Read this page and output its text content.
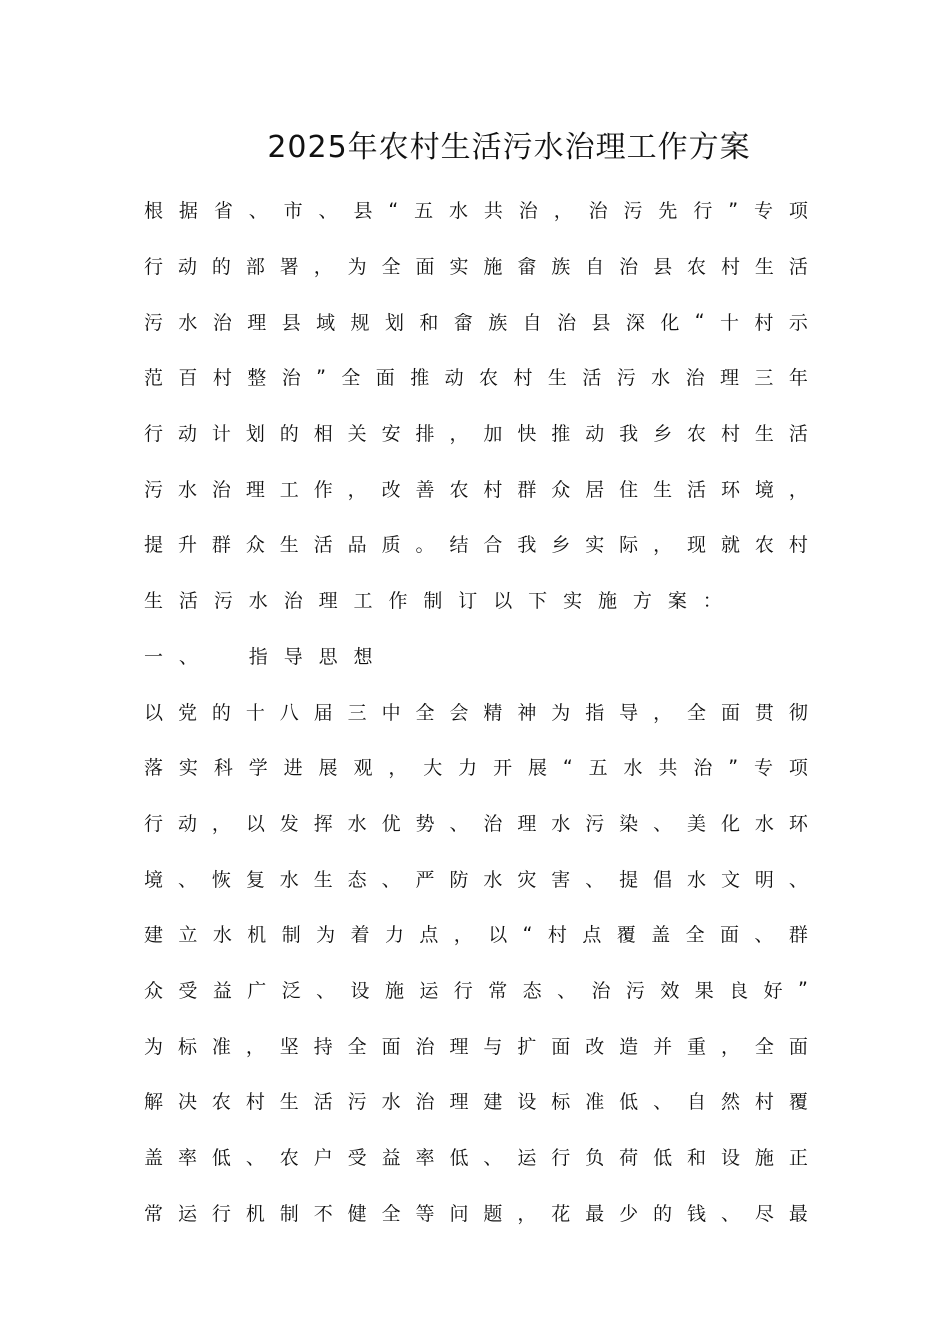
2025年农村生活污水治理工作方案
根 据 省 、 市 、 县 “ 五 水 共 治 ， 治 污 先 行 ” 专 项
行 动 的 部 署 ， 为 全 面 实 施 畲 族 自 治 县 农 村 生 活
污 水 治 理 县 域 规 划 和 畲 族 自 治 县 深 化 “ 十 村 示
范 百 村 整 治 ” 全 面 推 动 农 村 生 活 污 水 治 理 三 年
行 动 计 划 的 相 关 安 排 ， 加 快 推 动 我 乡 农 村 生 活
污 水 治 理 工 作 ， 改 善 农 村 群 众 居 住 生 活 环 境 ，
提 升 群 众 生 活 品 质 。 结 合 我 乡 实 际 ， 现 就 农 村
生 活 污 水 治 理 工 作 制 订 以 下 实 施 方 案 ：
一 、	指 导 思 想
以 党 的 十 八 届 三 中 全 会 精 神 为 指 导 ， 全 面 贯 彻
落 实 科 学 进 展 观 ， 大 力 开 展 “ 五 水 共 治 ” 专 项
行 动 ， 以 发 挥 水 优 势 、 治 理 水 污 染 、 美 化 水 环
境 、 恢 复 水 生 态 、 严 防 水 灾 害 、 提 倡 水 文 明 、
建 立 水 机 制 为 着 力 点 ， 以 “ 村 点 覆 盖 全 面 、 群
众 受 益 广 泛 、 设 施 运 行 常 态 、 治 污 效 果 良 好 ”
为 标 准 ， 坚 持 全 面 治 理 与 扩 面 改 造 并 重 ， 全 面
解 决 农 村 生 活 污 水 治 理 建 设 标 准 低 、 自 然 村 覆
盖 率 低 、 农 户 受 益 率 低 、 运 行 负 荷 低 和 设 施 正
常 运 行 机 制 不 健 全 等 问 题 ， 花 最 少 的 钱 、 尽 最
